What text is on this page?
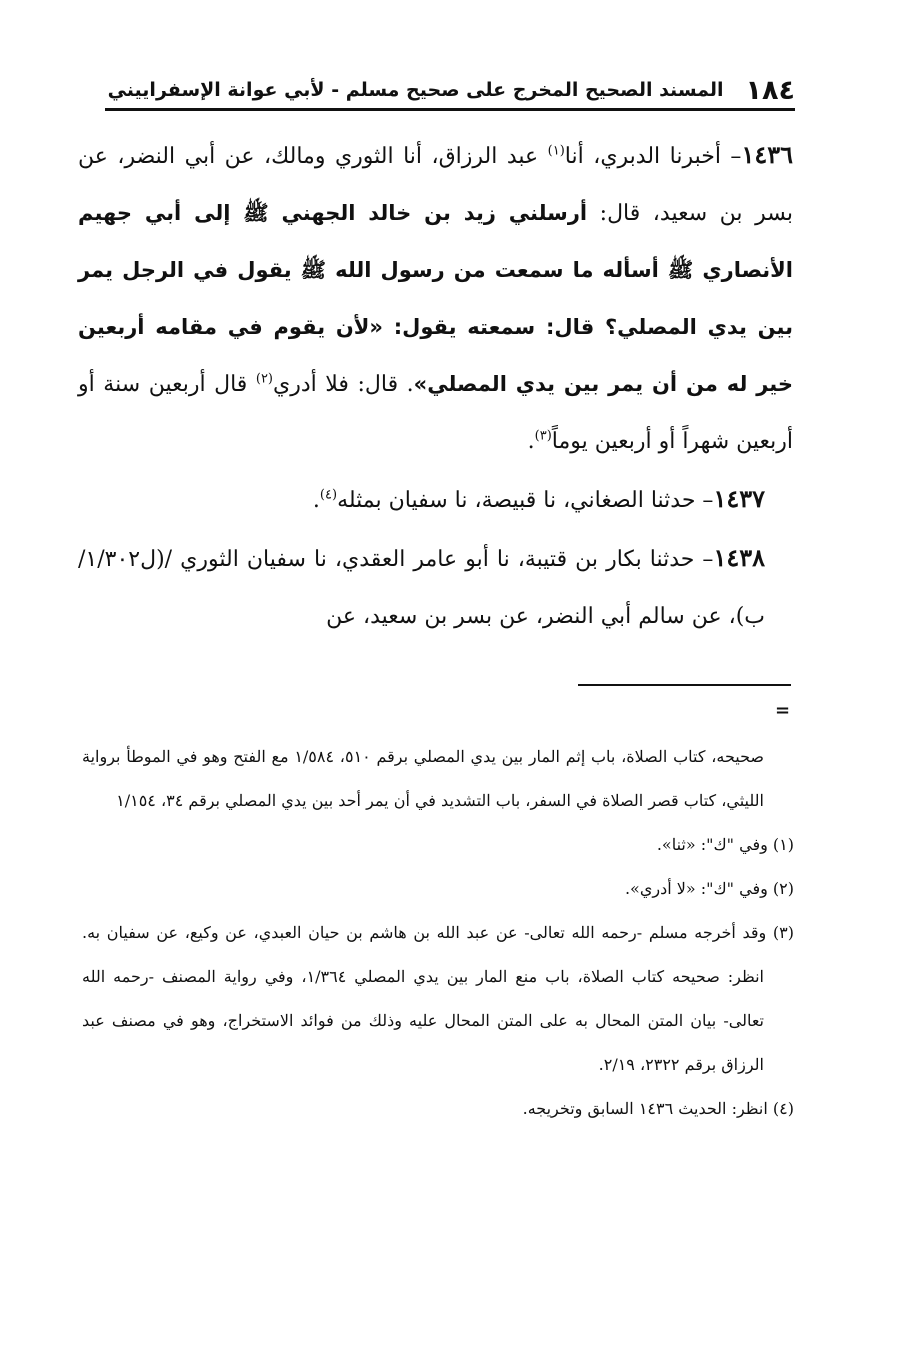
١٨٤
المسند الصحيح المخرج على صحيح مسلم - لأبي عوانة الإسفراييني

١٤٣٦– أخبرنا الدبري، أنا$^{(١)}$ عبد الرزاق، أنا الثوري ومالك، عن أبي النضر، عن بسر بن سعيد، قال: أرسلني زيد بن خالد الجهني ﷺ إلى أبي جهيم الأنصاري ﷺ أسأله ما سمعت من رسول الله ﷺ يقول في الرجل يمر بين يدي المصلي؟ قال: سمعته يقول: «لأن يقوم في مقامه أربعين خير له من أن يمر بين يدي المصلي». قال: فلا أدري$^{(٢)}$ قال أربعين سنة أو أربعين شهراً أو أربعين يوماً$^{(٣)}$.

١٤٣٧– حدثنا الصغاني، نا قبيصة، نا سفيان بمثله$^{(٤)}$.

١٤٣٨– حدثنا بكار بن قتيبة، نا أبو عامر العقدي، نا سفيان الثوري /(ل١/٣٠٢/ب)، عن سالم أبي النضر، عن بسر بن سعيد، عن

=

صحيحه، كتاب الصلاة، باب إثم المار بين يدي المصلي برقم ٥١٠، ١/٥٨٤ مع الفتح وهو في الموطأ برواية الليثي، كتاب قصر الصلاة في السفر، باب التشديد في أن يمر أحد بين يدي المصلي برقم ٣٤، ١/١٥٤

(١) وفي "ك": «ثنا».

(٢) وفي "ك": «لا أدري».

(٣) وقد أخرجه مسلم -رحمه الله تعالى- عن عبد الله بن هاشم بن حيان العبدي، عن وكيع، عن سفيان به. انظر: صحيحه كتاب الصلاة، باب منع المار بين يدي المصلي ١/٣٦٤، وفي رواية المصنف -رحمه الله تعالى- بيان المتن المحال به على المتن المحال عليه وذلك من فوائد الاستخراج، وهو في مصنف عبد الرزاق برقم ٢٣٢٢، ٢/١٩.

(٤) انظر: الحديث ١٤٣٦ السابق وتخريجه.
